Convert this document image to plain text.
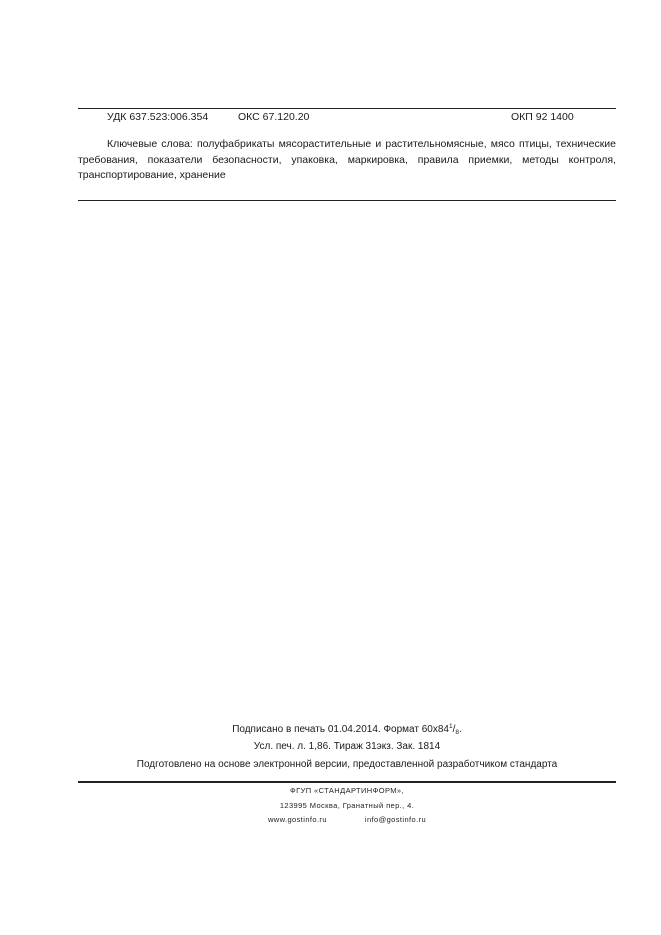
УДК 637.523:006.354	ОКС 67.120.20	ОКП 92 1400

Ключевые слова: полуфабрикаты мясорастительные и растительномясные, мясо птицы, технические требования, показатели безопасности, упаковка, маркировка, правила приемки, методы контроля, транспортирование, хранение

Подписано в печать 01.04.2014. Формат $60х84^1/_8$.

Усл. печ. л. 1,86. Тираж 31экз. Зак. 1814

Подготовлено на основе электронной версии, предоставленной разработчиком стандарта

ФГУП «СТАНДАРТИНФОРМ»,

123995 Москва, Гранатный пер., 4.

www.gostinfo.ru	info@gostinfo.ru
